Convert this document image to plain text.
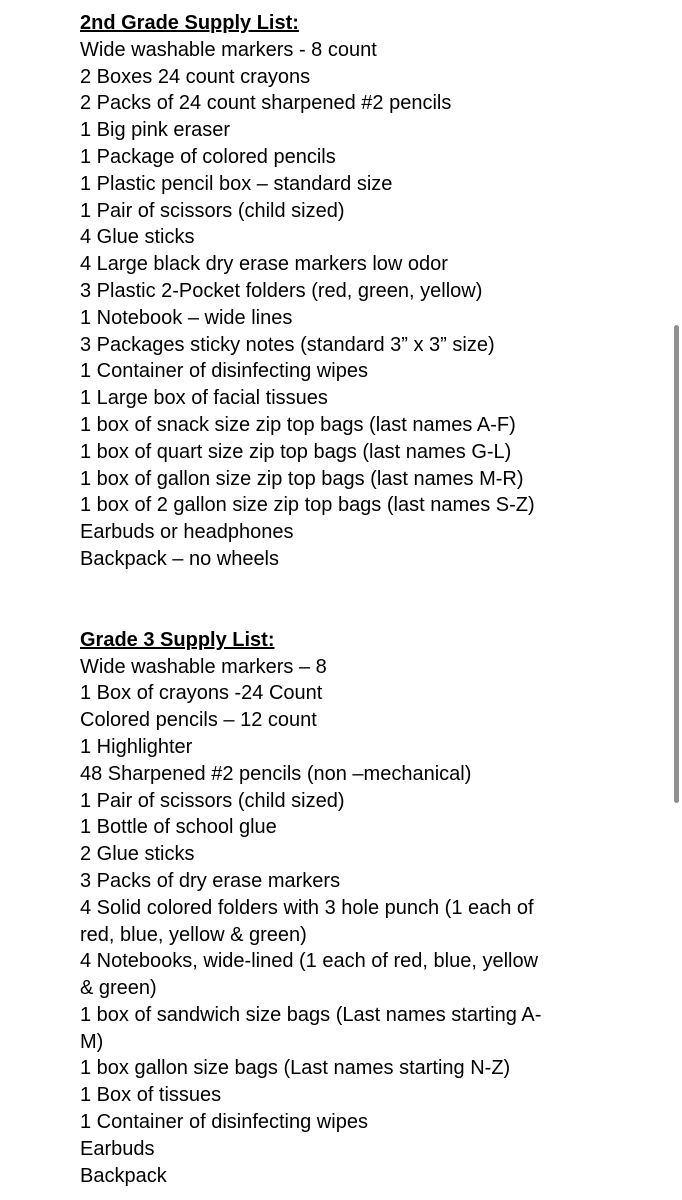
2nd Grade Supply List:
Wide washable markers - 8 count
2 Boxes 24 count crayons
2 Packs of 24 count sharpened #2 pencils
1 Big pink eraser
1 Package of colored pencils
1 Plastic pencil box – standard size
1 Pair of scissors (child sized)
4 Glue sticks
4 Large black dry erase markers low odor
3 Plastic 2-Pocket folders (red, green, yellow)
1 Notebook – wide lines
3 Packages sticky notes (standard 3” x 3” size)
1 Container of disinfecting wipes
1 Large box of facial tissues
1 box of snack size zip top bags (last names A-F)
1 box of quart size zip top bags (last names G-L)
1 box of gallon size zip top bags (last names M-R)
1 box of 2 gallon size zip top bags (last names S-Z)
Earbuds or headphones
Backpack – no wheels
Grade 3 Supply List:
Wide washable markers – 8
1 Box of crayons -24 Count
Colored pencils – 12 count
1 Highlighter
48 Sharpened #2 pencils (non –mechanical)
1 Pair of scissors (child sized)
1 Bottle of school glue
2 Glue sticks
3 Packs of dry erase markers
4 Solid colored folders with 3 hole punch (1 each of
red, blue, yellow & green)
4 Notebooks, wide-lined (1 each of red, blue, yellow
& green)
1 box of sandwich size bags (Last names starting A-
M)
1 box gallon size bags (Last names starting N-Z)
1 Box of tissues
1 Container of disinfecting wipes
Earbuds
Backpack
